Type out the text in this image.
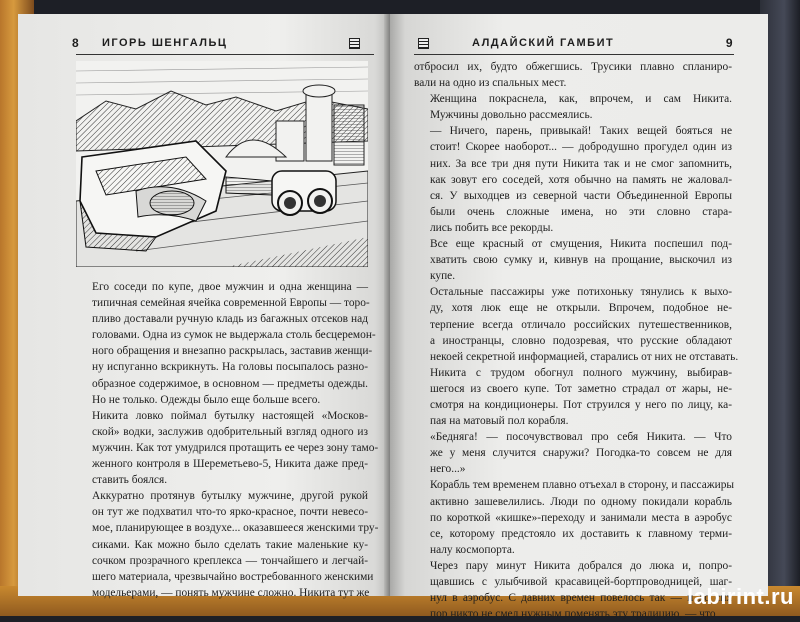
8 ИГОРЬ ШЕНГАЛЬЦ

Его соседи по купе, двое мужчин и одна женщина —
типичная семейная ячейка современной Европы — торо-
пливо доставали ручную кладь из багажных отсеков над
головами. Одна из сумок не выдержала столь бесцеремон-
ного обращения и внезапно раскрылась, заставив женщи-
ну испуганно вскрикнуть. На головы посыпалось разно-
образное содержимое, в основном — предметы одежды.
Но не только. Одежды было еще больше всего.

Никита ловко поймал бутылку настоящей «Москов-
ской» водки, заслужив одобрительный взгляд одного из
мужчин. Как тот умудрился протащить ее через зону тамо-
женного контроля в Шереметьево-5, Никита даже пред-
ставить боялся.

Аккуратно протянув бутылку мужчине, другой рукой
он тут же подхватил что-то ярко-красное, почти невесо-
мое, планирующее в воздухе... оказавшееся женскими тру-
сиками. Как можно было сделать такие маленькие ку-
сочком прозрачного креплекса — тончайшего и легчай-
шего материала, чрезвычайно востребованного женскими
модельерами, — понять мужчине сложно. Никита тут же

АЛДАЙСКИЙ ГАМБИТ	9

отбросил их, будто обжегшись. Трусики плавно спланиро-
вали на одно из спальных мест.

Женщина покраснела, как, впрочем, и сам Никита.
Мужчины довольно рассмеялись.

— Ничего, парень, привыкай! Таких вещей бояться не
стоит! Скорее наоборот... — добродушно прогудел один из
них. За все три дня пути Никита так и не смог запомнить,
как зовут его соседей, хотя обычно на память не жаловал-
ся. У выходцев из северной части Объединенной Европы
были очень сложные имена, но эти словно стара-
лись побить все рекорды.

Все еще красный от смущения, Никита поспешил под-
хватить свою сумку и, кивнув на прощание, выскочил из
купе.

Остальные пассажиры уже потихоньку тянулись к выхо-
ду, хотя люк еще не открыли. Впрочем, подобное не-
терпение всегда отличало российских путешественников,
а иностранцы, словно подозревая, что русские обладают
некоей секретной информацией, старались от них не отставать.

Никита с трудом обогнул полного мужчину, выбирав-
шегося из своего купе. Тот заметно страдал от жары, не-
смотря на кондиционеры. Пот струился у него по лицу, ка-
пая на матовый пол корабля.

«Бедняга! — посочувствовал про себя Никита. — Что
же у меня случится снаружи? Погодка-то совсем не для
него...»

Корабль тем временем плавно отъехал в сторону, и пассажиры
активно зашевелились. Люди по одному покидали корабль
по короткой «кишке»-переходу и занимали места в аэробус
се, которому предстояло их доставить к главному терми-
налу космопорта.

Через пару минут Никита добрался до люка и, попро-
щавшись с улыбчивой красавицей-бортпроводницей, шаг-
нул в аэробус. С давних времен повелось так — и до сих
пор никто не смел нужным поменять эту традицию, — что

labirint.ru
